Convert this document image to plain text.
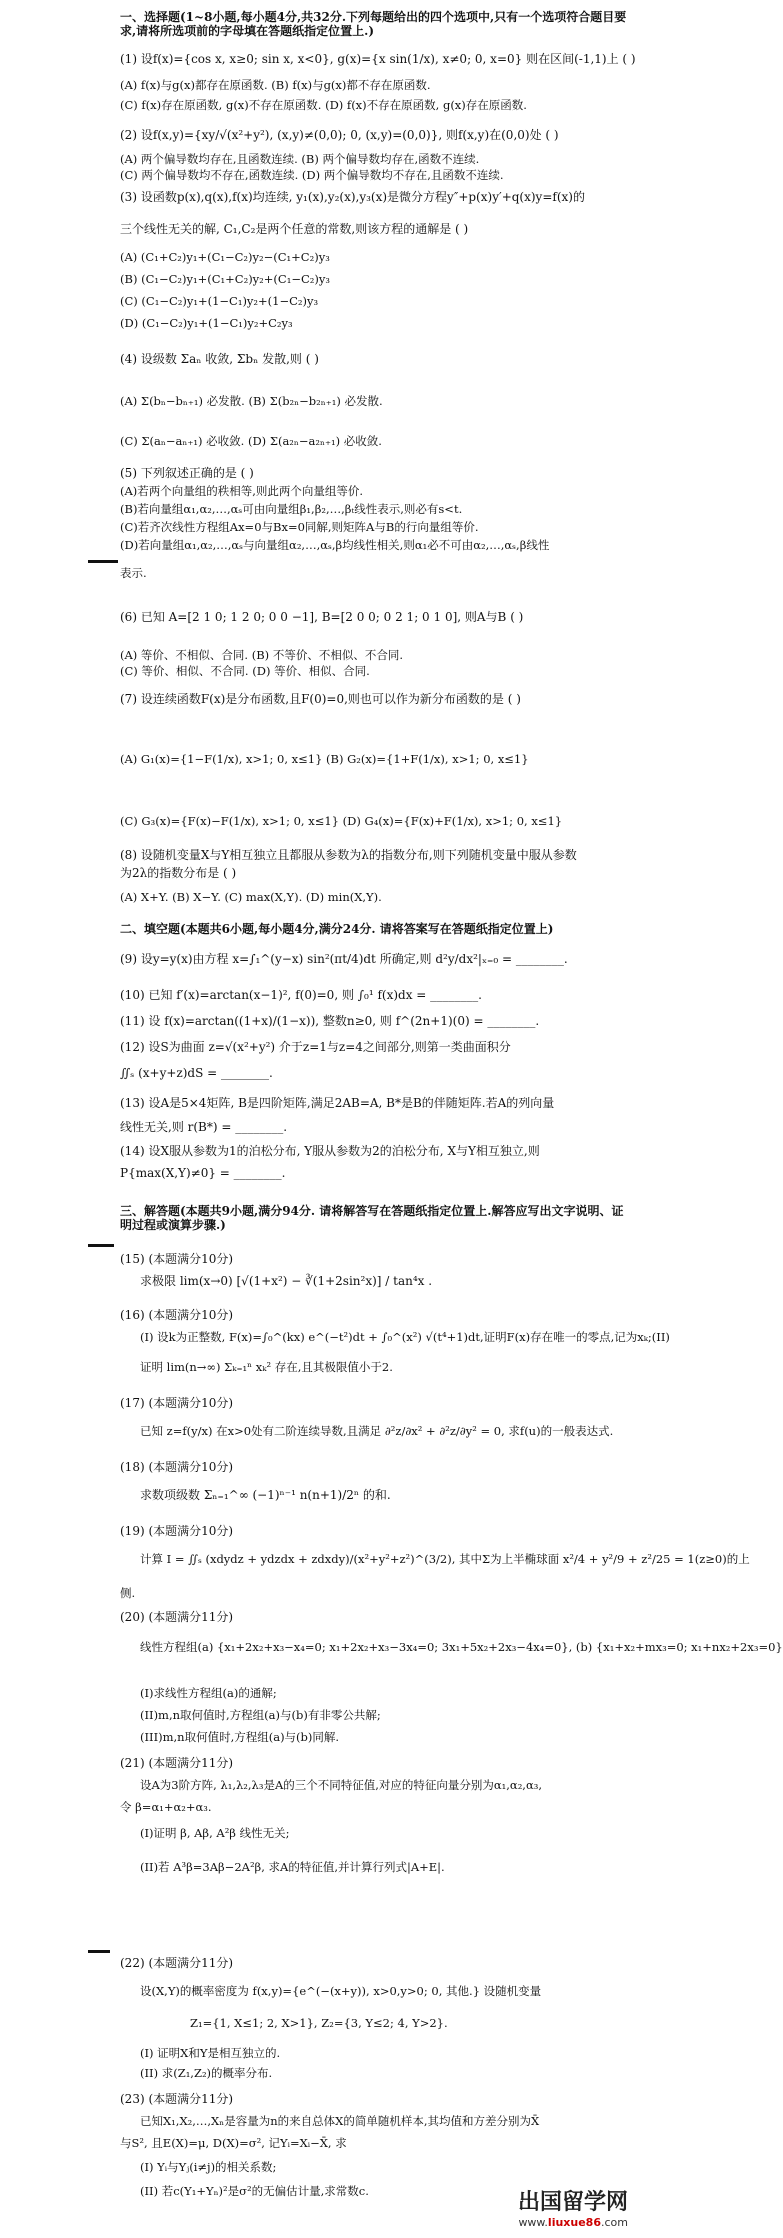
一、选择题(1~8小题,每小题4分,共32分.下列每题给出的四个选项中,只有一个选项符合题目要求,请将所选项前的字母填在答题纸指定位置上.)
(1) 设f(x)={cos x, x≥0; sin x, x<0}, g(x)={x sin(1/x), x≠0; 0, x=0} 则在区间(-1,1)上 ( )
(A) f(x)与g(x)都存在原函数. (B) f(x)与g(x)都不存在原函数.
(C) f(x)存在原函数, g(x)不存在原函数. (D) f(x)不存在原函数, g(x)存在原函数.
(2) 设f(x,y)={xy/√(x²+y²), (x,y)≠(0,0); 0, (x,y)=(0,0)}, 则f(x,y)在(0,0)处 ( )
(A) 两个偏导数均存在,且函数连续. (B) 两个偏导数均存在,函数不连续.
(C) 两个偏导数均不存在,函数连续. (D) 两个偏导数均不存在,且函数不连续.
(3) 设函数p(x),q(x),f(x)均连续, y₁(x),y₂(x),y₃(x)是微分方程y″+p(x)y′+q(x)y=f(x)的
三个线性无关的解, C₁,C₂是两个任意的常数,则该方程的通解是 ( )
(A) (C₁+C₂)y₁+(C₁−C₂)y₂−(C₁+C₂)y₃
(B) (C₁−C₂)y₁+(C₁+C₂)y₂+(C₁−C₂)y₃
(C) (C₁−C₂)y₁+(1−C₁)y₂+(1−C₂)y₃
(D) (C₁−C₂)y₁+(1−C₁)y₂+C₂y₃
(4) 设级数 Σaₙ 收敛, Σbₙ 发散,则 ( )
(A) Σ(bₙ−bₙ₊₁) 必发散. (B) Σ(b₂ₙ−b₂ₙ₊₁) 必发散.
(C) Σ(aₙ−aₙ₊₁) 必收敛. (D) Σ(a₂ₙ−a₂ₙ₊₁) 必收敛.
(5) 下列叙述正确的是 ( )
(A)若两个向量组的秩相等,则此两个向量组等价.
(B)若向量组α₁,α₂,…,αₛ可由向量组β₁,β₂,…,βₜ线性表示,则必有s<t.
(C)若齐次线性方程组Ax=0与Bx=0同解,则矩阵A与B的行向量组等价.
(D)若向量组α₁,α₂,…,αₛ与向量组α₂,…,αₛ,β均线性相关,则α₁必不可由α₂,…,αₛ,β线性
表示.
(6) 已知 A=[2 1 0; 1 2 0; 0 0 −1], B=[2 0 0; 0 2 1; 0 1 0], 则A与B ( )
(A) 等价、不相似、合同. (B) 不等价、不相似、不合同.
(C) 等价、相似、不合同. (D) 等价、相似、合同.
(7) 设连续函数F(x)是分布函数,且F(0)=0,则也可以作为新分布函数的是 ( )
(A) G₁(x)={1−F(1/x), x>1; 0, x≤1} (B) G₂(x)={1+F(1/x), x>1; 0, x≤1}
(C) G₃(x)={F(x)−F(1/x), x>1; 0, x≤1} (D) G₄(x)={F(x)+F(1/x), x>1; 0, x≤1}
(8) 设随机变量X与Y相互独立且都服从参数为λ的指数分布,则下列随机变量中服从参数
为2λ的指数分布是 ( )
(A) X+Y. (B) X−Y. (C) max(X,Y). (D) min(X,Y).
二、填空题(本题共6小题,每小题4分,满分24分. 请将答案写在答题纸指定位置上)
(9) 设y=y(x)由方程 x=∫₁^(y−x) sin²(πt/4)dt 所确定,则 d²y/dx²|ₓ₌₀ = ________.
(10) 已知 f′(x)=arctan(x−1)², f(0)=0, 则 ∫₀¹ f(x)dx = ________.
(11) 设 f(x)=arctan((1+x)/(1−x)), 整数n≥0, 则 f^(2n+1)(0) = ________.
(12) 设S为曲面 z=√(x²+y²) 介于z=1与z=4之间部分,则第一类曲面积分
∬ₛ (x+y+z)dS = ________.
(13) 设A是5×4矩阵, B是四阶矩阵,满足2AB=A, B*是B的伴随矩阵.若A的列向量
线性无关,则 r(B*) = ________.
(14) 设X服从参数为1的泊松分布, Y服从参数为2的泊松分布, X与Y相互独立,则
P{max(X,Y)≠0} = ________.
三、解答题(本题共9小题,满分94分. 请将解答写在答题纸指定位置上.解答应写出文字说明、证明过程或演算步骤.)
(15) (本题满分10分)
求极限 lim(x→0) [√(1+x²) − ∛(1+2sin²x)] / tan⁴x .
(16) (本题满分10分)
(I) 设k为正整数, F(x)=∫₀^(kx) e^(−t²)dt + ∫₀^(x²) √(t⁴+1)dt,证明F(x)存在唯一的零点,记为xₖ;(II)
证明 lim(n→∞) Σₖ₌₁ⁿ xₖ² 存在,且其极限值小于2.
(17) (本题满分10分)
已知 z=f(y/x) 在x>0处有二阶连续导数,且满足 ∂²z/∂x² + ∂²z/∂y² = 0, 求f(u)的一般表达式.
(18) (本题满分10分)
求数项级数 Σₙ₌₁^∞ (−1)ⁿ⁻¹ n(n+1)/2ⁿ 的和.
(19) (本题满分10分)
计算 I = ∬ₛ (xdydz + ydzdx + zdxdy)/(x²+y²+z²)^(3/2), 其中Σ为上半椭球面 x²/4 + y²/9 + z²/25 = 1(z≥0)的上
侧.
(20) (本题满分11分)
线性方程组(a) {x₁+2x₂+x₃−x₄=0; x₁+2x₂+x₃−3x₄=0; 3x₁+5x₂+2x₃−4x₄=0}, (b) {x₁+x₂+mx₃=0; x₁+nx₂+2x₃=0}
(I)求线性方程组(a)的通解;
(II)m,n取何值时,方程组(a)与(b)有非零公共解;
(III)m,n取何值时,方程组(a)与(b)同解.
(21) (本题满分11分)
设A为3阶方阵, λ₁,λ₂,λ₃是A的三个不同特征值,对应的特征向量分别为α₁,α₂,α₃,
令 β=α₁+α₂+α₃.
(I)证明 β, Aβ, A²β 线性无关;
(II)若 A³β=3Aβ−2A²β, 求A的特征值,并计算行列式|A+E|.
(22) (本题满分11分)
设(X,Y)的概率密度为 f(x,y)={e^(−(x+y)), x>0,y>0; 0, 其他.} 设随机变量
Z₁={1, X≤1; 2, X>1}, Z₂={3, Y≤2; 4, Y>2}.
(I) 证明X和Y是相互独立的.
(II) 求(Z₁,Z₂)的概率分布.
(23) (本题满分11分)
已知X₁,X₂,…,Xₙ是容量为n的来自总体X的简单随机样本,其均值和方差分别为X̄
与S², 且E(X)=μ, D(X)=σ², 记Yᵢ=Xᵢ−X̄, 求
(I) Yᵢ与Yⱼ(i≠j)的相关系数;
(II) 若c(Y₁+Yₙ)²是σ²的无偏估计量,求常数c.	出国留学网
www.liuxue86.com
